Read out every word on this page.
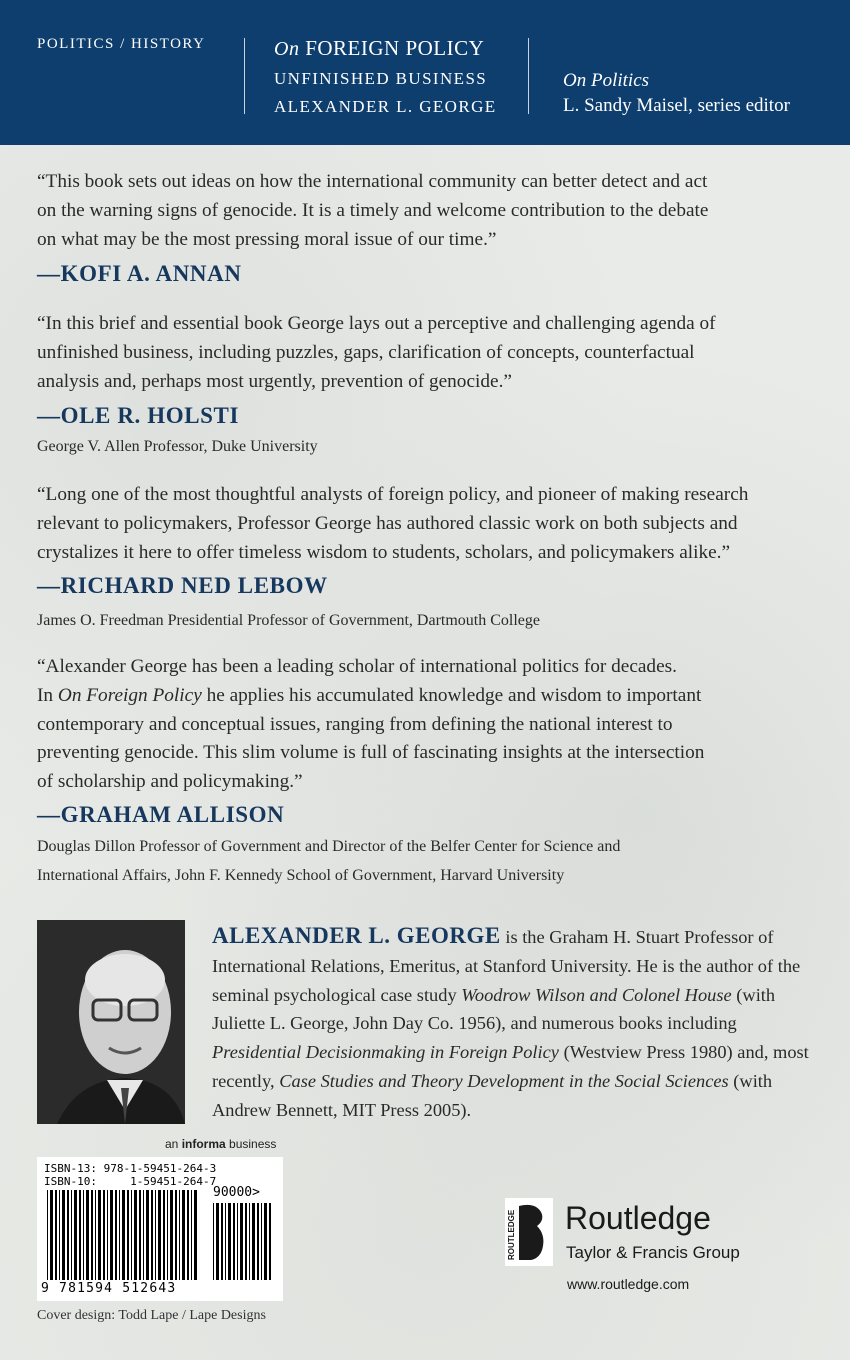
POLITICS / HISTORY	On FOREIGN POLICY
UNFINISHED BUSINESS
ALEXANDER L. GEORGE
On Politics
L. Sandy Maisel, series editor
“This book sets out ideas on how the international community can better detect and act
on the warning signs of genocide. It is a timely and welcome contribution to the debate
on what may be the most pressing moral issue of our time.”
—KOFI A. ANNAN
“In this brief and essential book George lays out a perceptive and challenging agenda of
unfinished business, including puzzles, gaps, clarification of concepts, counterfactual
analysis and, perhaps most urgently, prevention of genocide.”
—OLE R. HOLSTI
George V. Allen Professor, Duke University
“Long one of the most thoughtful analysts of foreign policy, and pioneer of making research
relevant to policymakers, Professor George has authored classic work on both subjects and
crystalizes it here to offer timeless wisdom to students, scholars, and policymakers alike.”
—RICHARD NED LEBOW
James O. Freedman Presidential Professor of Government, Dartmouth College
“Alexander George has been a leading scholar of international politics for decades.
In On Foreign Policy he applies his accumulated knowledge and wisdom to important
contemporary and conceptual issues, ranging from defining the national interest to
preventing genocide. This slim volume is full of fascinating insights at the intersection
of scholarship and policymaking.”
—GRAHAM ALLISON
Douglas Dillon Professor of Government and Director of the Belfer Center for Science and
International Affairs, John F. Kennedy School of Government, Harvard University
ALEXANDER L. GEORGE is the Graham H. Stuart Professor of International Relations, Emeritus, at Stanford University. He is the author of the seminal psychological case study Woodrow Wilson and Colonel House (with Juliette L. George, John Day Co. 1956), and numerous books including Presidential Decisionmaking in Foreign Policy (Westview Press 1980) and, most recently, Case Studies and Theory Development in the Social Sciences (with Andrew Bennett, MIT Press 2005).
an informa business
ISBN-13: 978-1-59451-264-3
ISBN-10:     1-59451-264-7
90000>
9 781594 512643
Cover design: Todd Lape / Lape Designs
ROUTLEDGE Routledge
Taylor & Francis Group
www.routledge.com
